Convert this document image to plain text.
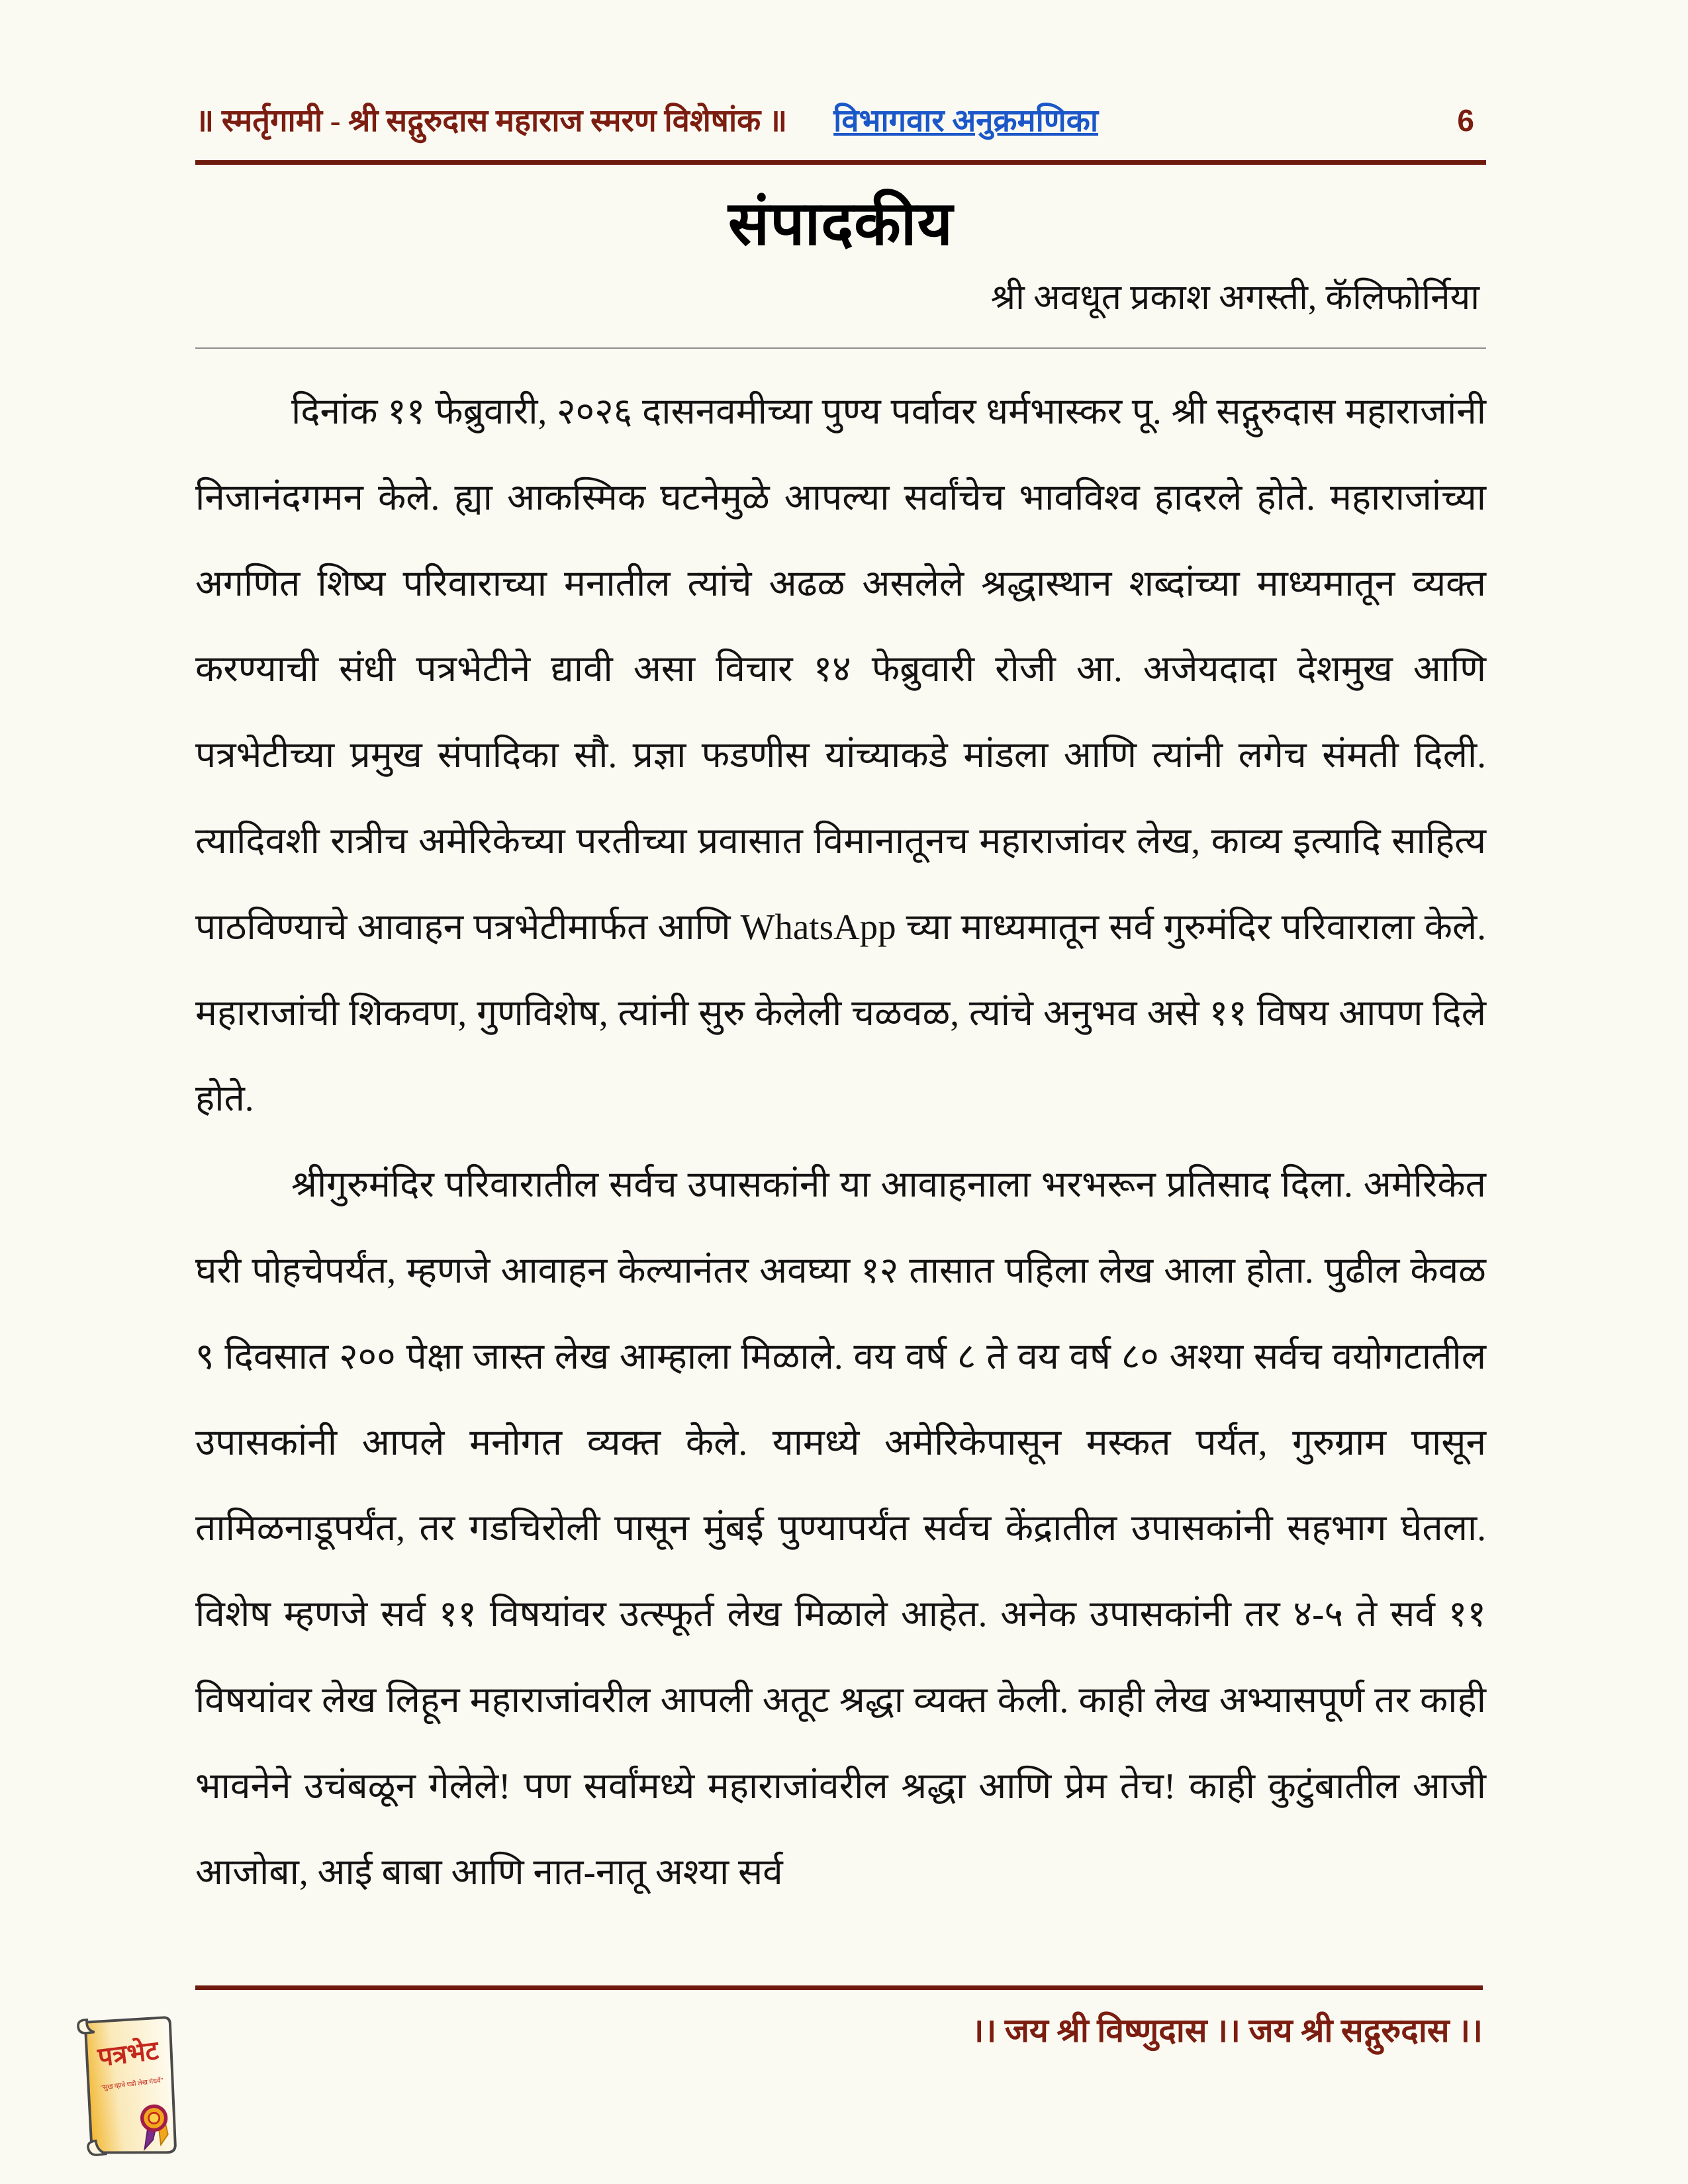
॥ स्मर्तृगामी - श्री सद्गुरुदास महाराज स्मरण विशेषांक ॥ विभागवार अनुक्रमणिका	6
संपादकीय
श्री अवधूत प्रकाश अगस्ती, कॅलिफोर्निया

दिनांक ११ फेब्रुवारी, २०२६ दासनवमीच्या पुण्य पर्वावर धर्मभास्कर पू. श्री सद्गुरुदास महाराजांनी निजानंदगमन केले. ह्या आकस्मिक घटनेमुळे आपल्या सर्वांचेच भावविश्व हादरले होते. महाराजांच्या अगणित शिष्य परिवाराच्या मनातील त्यांचे अढळ असलेले श्रद्धास्थान शब्दांच्या माध्यमातून व्यक्त करण्याची संधी पत्रभेटीने द्यावी असा विचार १४ फेब्रुवारी रोजी आ. अजेयदादा देशमुख आणि पत्रभेटीच्या प्रमुख संपादिका सौ. प्रज्ञा फडणीस यांच्याकडे मांडला आणि त्यांनी लगेच संमती दिली. त्यादिवशी रात्रीच अमेरिकेच्या परतीच्या प्रवासात विमानातूनच महाराजांवर लेख, काव्य इत्यादि साहित्य पाठविण्याचे आवाहन पत्रभेटीमार्फत आणि WhatsApp च्या माध्यमातून सर्व गुरुमंदिर परिवाराला केले. महाराजांची शिकवण, गुणविशेष, त्यांनी सुरु केलेली चळवळ, त्यांचे अनुभव असे ११ विषय आपण दिले होते.

श्रीगुरुमंदिर परिवारातील सर्वच उपासकांनी या आवाहनाला भरभरून प्रतिसाद दिला. अमेरिकेत घरी पोहचेपर्यंत, म्हणजे आवाहन केल्यानंतर अवघ्या १२ तासात पहिला लेख आला होता. पुढील केवळ ९ दिवसात २०० पेक्षा जास्त लेख आम्हाला मिळाले. वय वर्ष ८ ते वय वर्ष ८० अश्या सर्वच वयोगटातील उपासकांनी आपले मनोगत व्यक्त केले. यामध्ये अमेरिकेपासून मस्कत पर्यंत, गुरुग्राम पासून तामिळनाडूपर्यंत, तर गडचिरोली पासून मुंबई पुण्यापर्यंत सर्वच केंद्रातील उपासकांनी सहभाग घेतला. विशेष म्हणजे सर्व ११ विषयांवर उत्स्फूर्त लेख मिळाले आहेत. अनेक उपासकांनी तर ४-५ ते सर्व ११ विषयांवर लेख लिहून महाराजांवरील आपली अतूट श्रद्धा व्यक्त केली. काही लेख अभ्यासपूर्ण तर काही भावनेने उचंबळून गेलेले! पण सर्वांमध्ये महाराजांवरील श्रद्धा आणि प्रेम तेच! काही कुटुंबातील आजी आजोबा, आई बाबा आणि नात-नातू अश्या सर्व

।। जय श्री विष्णुदास ।। जय श्री सद्गुरुदास ।।
पत्रभेट
"सुख व्हावे घडो लेख गंधर्वे"
